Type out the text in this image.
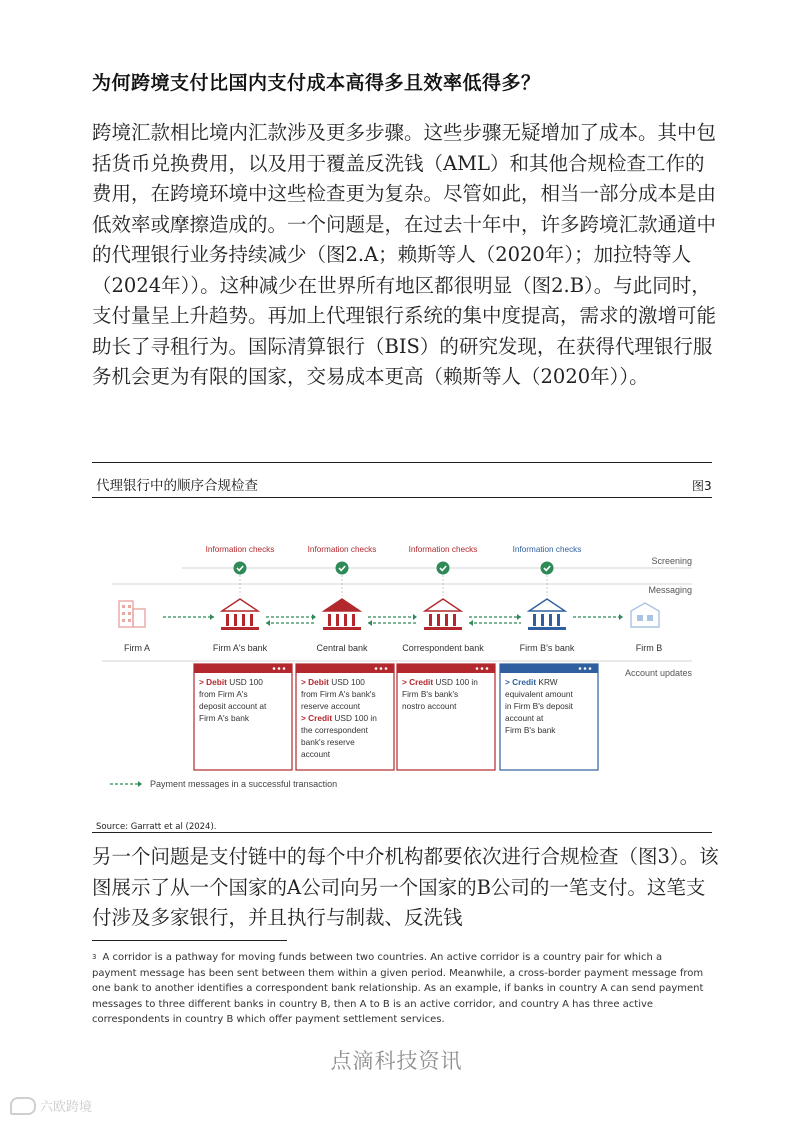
为何跨境支付比国内支付成本高得多且效率低得多？

跨境汇款相比境内汇款涉及更多步骤。这些步骤无疑增加了成本。其中包括货币兑换费用，以及用于覆盖反洗钱（AML）和其他合规检查工作的费用，在跨境环境中这些检查更为复杂。尽管如此，相当一部分成本是由低效率或摩擦造成的。一个问题是，在过去十年中，许多跨境汇款通道中的代理银行业务持续减少（图2.A；赖斯等人（2020年）；加拉特等人（2024年））。这种减少在世界所有地区都很明显（图2.B）。与此同时，支付量呈上升趋势。再加上代理银行系统的集中度提高，需求的激增可能助长了寻租行为。国际清算银行（BIS）的研究发现，在获得代理银行服务机会更为有限的国家，交易成本更高（赖斯等人（2020年））。

代理银行中的顺序合规检查	图3
Screening
Messaging
Account updates
Information checks	Information checks	Information checks	Information checks
Firm A	Firm A's bank	Central bank	Correspondent bank	Firm B's bank	Firm B
> Debit USD 100
from Firm A's
deposit account at
Firm A's bank
> Debit USD 100
from Firm A's bank's
reserve account
> Credit USD 100 in
the correspondent
bank's reserve
account
> Credit USD 100 in
Firm B's bank's
nostro account
> Credit KRW
equivalent amount
in Firm B's deposit
account at
Firm B's bank
Payment messages in a successful transaction
Source: Garratt et al (2024).

另一个问题是支付链中的每个中介机构都要依次进行合规检查（图3）。该图展示了从一个国家的A公司向另一个国家的B公司的一笔支付。这笔支付涉及多家银行，并且执行与制裁、反洗钱

$^3$ A corridor is a pathway for moving funds between two countries. An active corridor is a country pair for which a payment message has been sent between them within a given period. Meanwhile, a cross-border payment message from one bank to another identifies a correspondent bank relationship. As an example, if banks in country A can send payment messages to three different banks in country B, then A to B is an active corridor, and country A has three active correspondents in country B which offer payment settlement services.

点滴科技资讯
六欧跨境
